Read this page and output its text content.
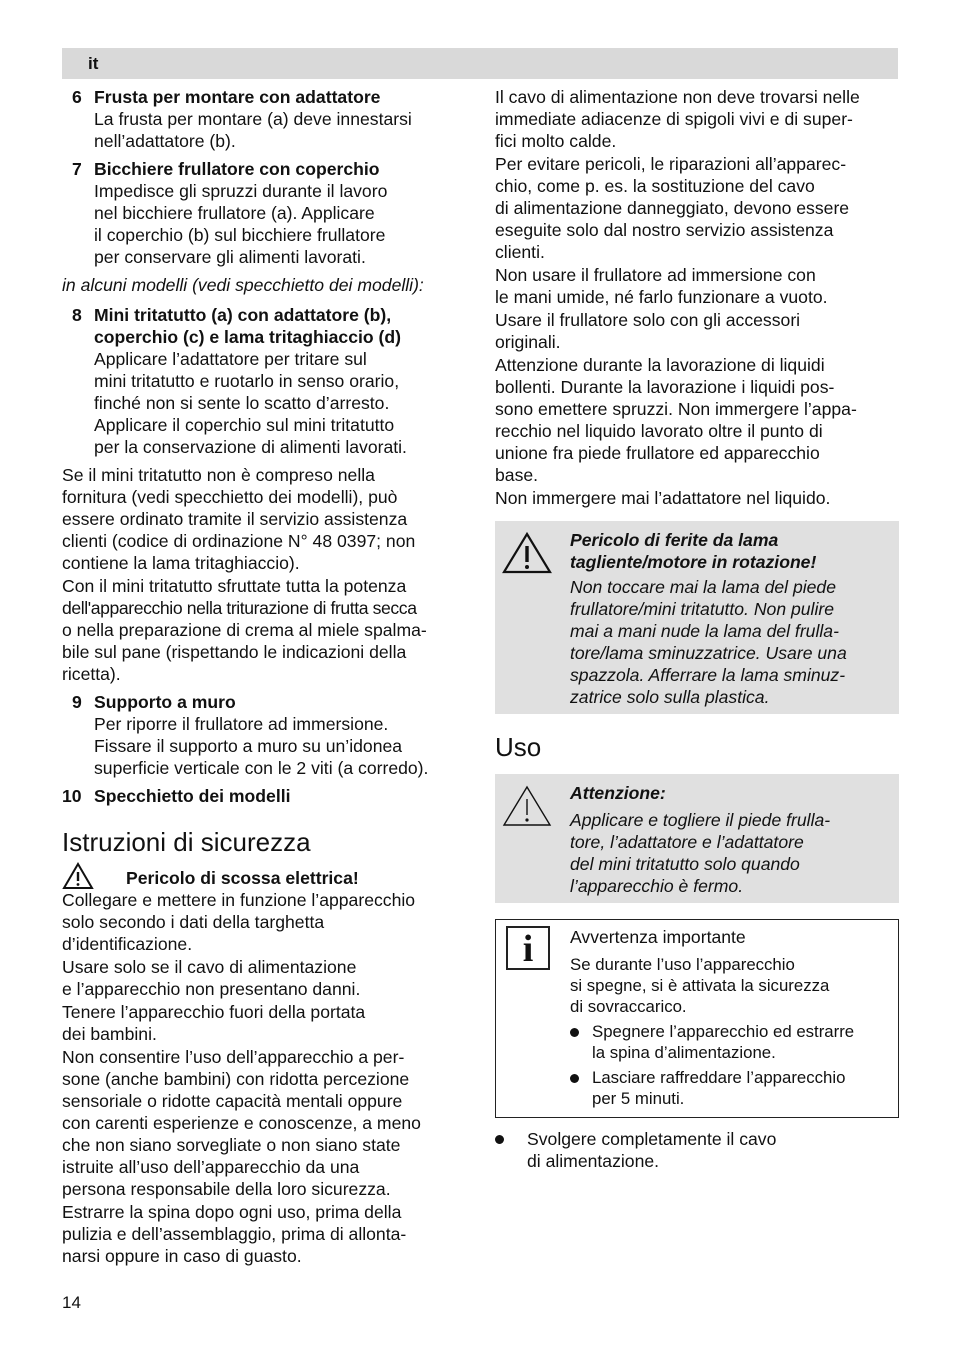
it
6 Frusta per montare con adattatore

La frusta per montare (a) deve innestarsi

nell’adattatore (b).

7 Bicchiere frullatore con coperchio

Impedisce gli spruzzi durante il lavoro

nel bicchiere frullatore (a). Applicare

il coperchio (b) sul bicchiere frullatore

per conservare gli alimenti lavorati.

in alcuni modelli (vedi specchietto dei modelli):

8 Mini tritatutto (a) con adattatore (b),

coperchio (c) e lama tritaghiaccio (d)

Applicare l’adattatore per tritare sul

mini tritatutto e ruotarlo in senso orario,

finché non si sente lo scatto d’arresto.

Applicare il coperchio sul mini tritatutto

per la conservazione di alimenti lavorati.

Se il mini tritatutto non è compreso nella

fornitura (vedi specchietto dei modelli), può

essere ordinato tramite il servizio assistenza

clienti (codice di ordinazione N° 48 0397; non

contiene la lama tritaghiaccio).

Con il mini tritatutto sfruttate tutta la potenza

dell'apparecchio nella triturazione di frutta secca

o nella preparazione di crema al miele spalma-

bile sul pane (rispettando le indicazioni della

ricetta).

9 Supporto a muro

Per riporre il frullatore ad immersione.

Fissare il supporto a muro su un’idonea

superficie verticale con le 2 viti (a corredo).

10 Specchietto dei modelli

Istruzioni di sicurezza
Pericolo di scossa elettrica!

Collegare e mettere in funzione l’apparecchio

solo secondo i dati della targhetta

d’identificazione.

Usare solo se il cavo di alimentazione

e l’apparecchio non presentano danni.

Tenere l’apparecchio fuori della portata

dei bambini.

Non consentire l’uso dell’apparecchio a per-

sone (anche bambini) con ridotta percezione

sensoriale o ridotte capacità mentali oppure

con carenti esperienze e conoscenze, a meno

che non siano sorvegliate o non siano state

istruite all’uso dell’apparecchio da una

persona responsabile della loro sicurezza.

Estrarre la spina dopo ogni uso, prima della

pulizia e dell’assemblaggio, prima di allonta-

narsi oppure in caso di guasto.

Il cavo di alimentazione non deve trovarsi nelle

immediate adiacenze di spigoli vivi e di super-

fici molto calde.

Per evitare pericoli, le riparazioni all’apparec-

chio, come p. es. la sostituzione del cavo

di alimentazione danneggiato, devono essere

eseguite solo dal nostro servizio assistenza

clienti.

Non usare il frullatore ad immersione con

le mani umide, né farlo funzionare a vuoto.

Usare il frullatore solo con gli accessori

originali.

Attenzione durante la lavorazione di liquidi

bollenti. Durante la lavorazione i liquidi pos-

sono emettere spruzzi. Non immergere l’appa-

recchio nel liquido lavorato oltre il punto di

unione fra piede frullatore ed apparecchio

base.

Non immergere mai l’adattatore nel liquido.

Pericolo di ferite da lama

tagliente/motore in rotazione!

Non toccare mai la lama del piede

frullatore/mini tritatutto. Non pulire

mai a mani nude la lama del frulla-

tore/lama sminuzzatrice. Usare una

spazzola. Afferrare la lama sminuz-

zatrice solo sulla plastica.

Uso

Attenzione:

Applicare e togliere il piede frulla-

tore, l’adattatore e l’adattatore

del mini tritatutto solo quando

l’apparecchio è fermo.

i	Avvertenza importante

Se durante l’uso l’apparecchio

si spegne, si è attivata la sicurezza

di sovraccarico.

Spegnere l’apparecchio ed estrarre

la spina d’alimentazione.

Lasciare raffreddare l’apparecchio

per 5 minuti.

Svolgere completamente il cavo

di alimentazione.

14
